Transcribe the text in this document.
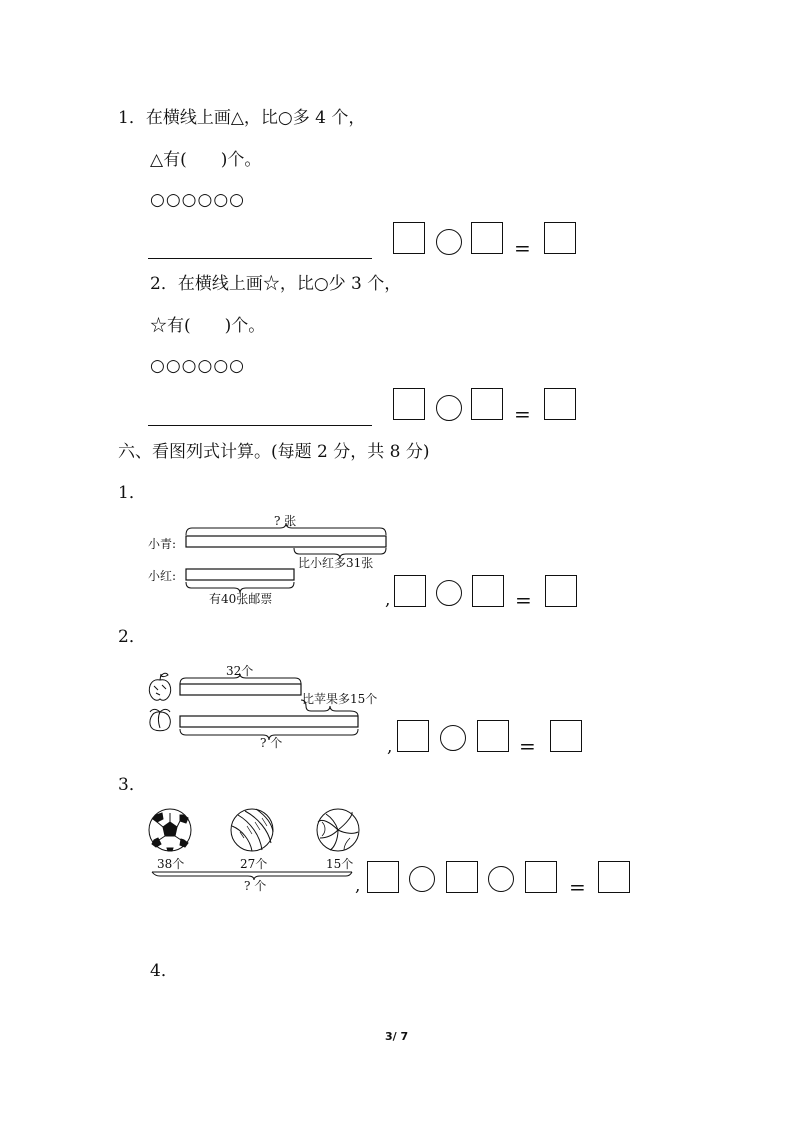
1．在横线上画△，比○多 4 个，
△有(　　)个。
○○○○○○
=
2．在横线上画☆，比○少 3 个，
☆有(　　)个。
○○○○○○
=
六、看图列式计算。(每题 2 分，共 8 分)
1．
小青:
小红:
? 张
比小红多31张
有40张邮票	,	=
2．
32个
比苹果多15个
? 个	,	=
3．
38个	27个	15个
? 个	,	=
4．
3/ 7
